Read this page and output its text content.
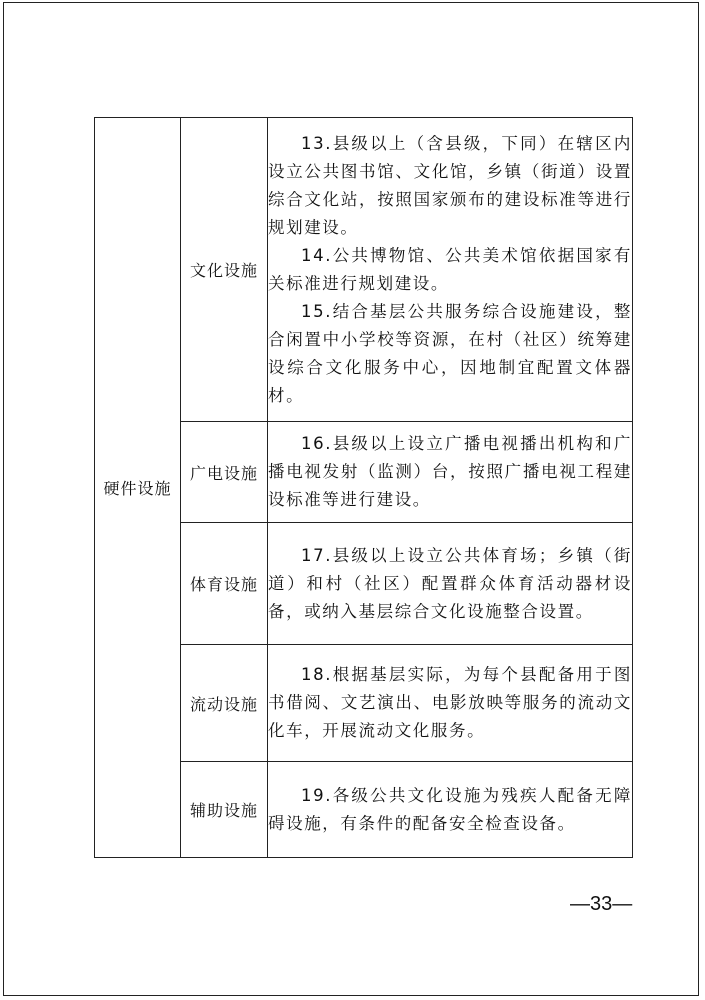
硬件设施	文化设施	13.县级以上（含县级，下同）在辖区内设立公共图书馆、文化馆，乡镇（街道）设置综合文化站，按照国家颁布的建设标准等进行规划建设。

14.公共博物馆、公共美术馆依据国家有关标准进行规划建设。

15.结合基层公共服务综合设施建设，整合闲置中小学校等资源，在村（社区）统筹建设综合文化服务中心，因地制宜配置文体器材。

	广电设施	16.县级以上设立广播电视播出机构和广播电视发射（监测）台，按照广播电视工程建设标准等进行建设。

	体育设施	17.县级以上设立公共体育场；乡镇（街道）和村（社区）配置群众体育活动器材设备，或纳入基层综合文化设施整合设置。

	流动设施	18.根据基层实际，为每个县配备用于图书借阅、文艺演出、电影放映等服务的流动文化车，开展流动文化服务。

	辅助设施	19.各级公共文化设施为残疾人配备无障碍设施，有条件的配备安全检查设备。

—33—
